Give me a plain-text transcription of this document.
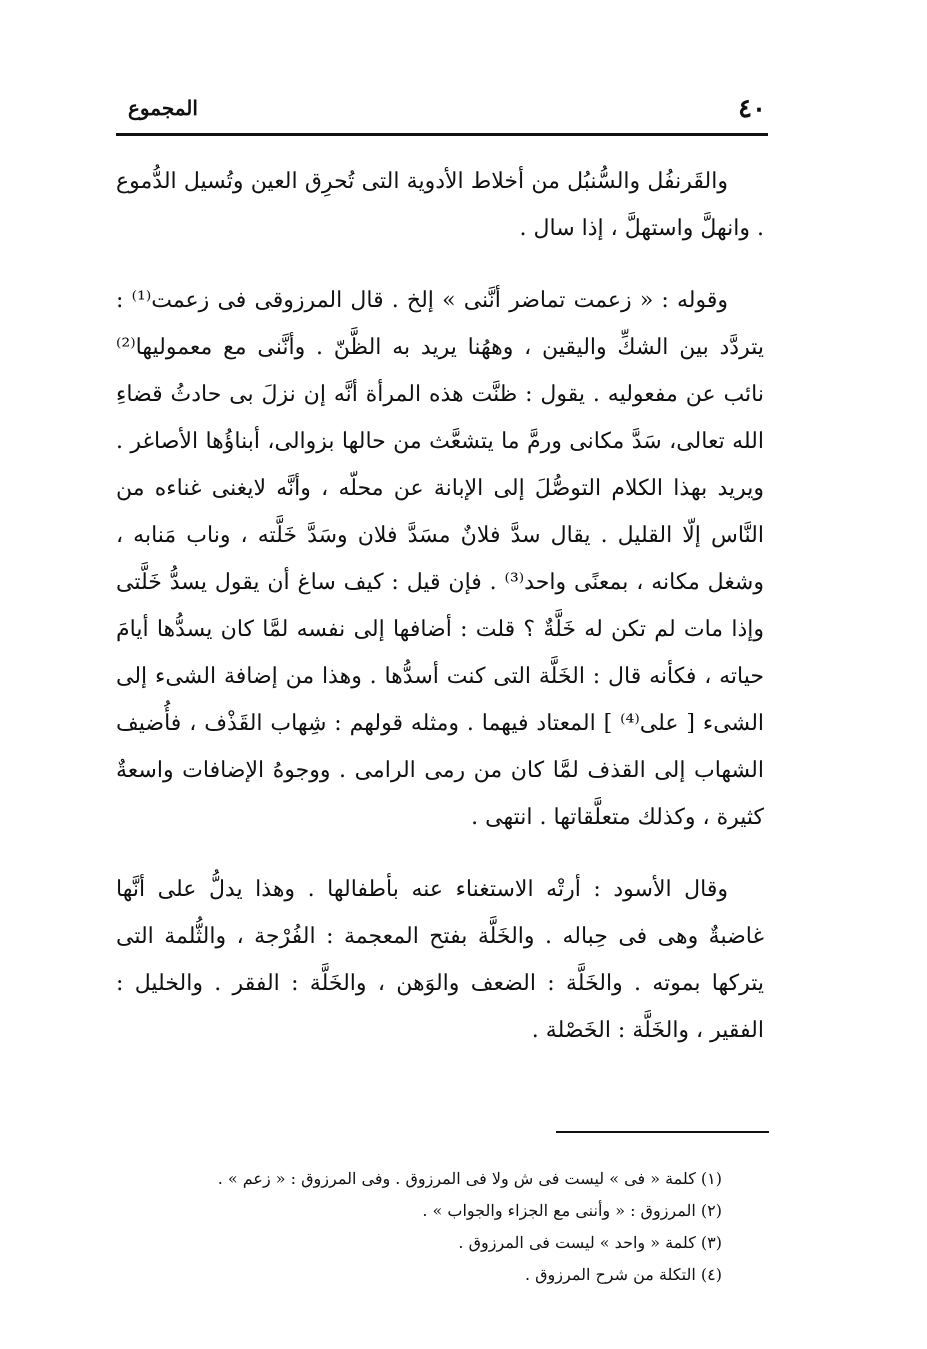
٤٠
المجموع

والقَرنفُل والسُّنبُل من أخلاط الأدوية التى تُحرِق العين وتُسيل الدُّموع . وانهلَّ واستهلَّ ، إذا سال .

وقوله : « زعمت تماضر أنَّنى » إلخ . قال المرزوقى فى زعمت⁽¹⁾ : يتردَّد بين الشكِّ واليقين ، وههُنا يريد به الظَّنّ . وأنَّنى مع معموليها⁽²⁾ نائب عن مفعوليه . يقول : ظنَّت هذه المرأة أنَّه إن نزلَ بى حادثُ قضاءِ الله تعالى، سَدَّ مكانى ورمَّ ما يتشعَّث من حالها بزوالى، أبناؤُها الأصاغر . ويريد بهذا الكلام التوصُّلَ إلى الإبانة عن محلّه ، وأنَّه لايغنى غناءه من النَّاس إلّا القليل . يقال سدَّ فلانٌ مسَدَّ فلان وسَدَّ خَلَّته ، وناب مَنابه ، وشغل مكانه ، بمعنًى واحد⁽³⁾ . فإن قيل : كيف ساغ أن يقول يسدُّ خَلَّتى وإذا مات لم تكن له خَلَّةٌ ؟ قلت : أضافها إلى نفسه لمَّا كان يسدُّها أيامَ حياته ، فكأنه قال : الخَلَّة التى كنت أسدُّها . وهذا من إضافة الشىء إلى الشىء [ على⁽⁴⁾ ] المعتاد فيهما . ومثله قولهم : شِهاب القَذْف ، فأُضيف الشهاب إلى القذف لمَّا كان من رمى الرامى . ووجوهُ الإضافات واسعةٌ كثيرة ، وكذلك متعلَّقاتها . انتهى .

وقال الأسود : أرتْه الاستغناء عنه بأطفالها . وهذا يدلُّ على أنَّها غاضبةٌ وهى فى حِباله . والخَلَّة بفتح المعجمة : الفُرْجة ، والثُّلمة التى يتركها بموته . والخَلَّة : الضعف والوَهن ، والخَلَّة : الفقر . والخليل : الفقير ، والخَلَّة : الخَصْلة .

(١) كلمة « فى » ليست فى ش ولا فى المرزوق . وفى المرزوق : « زعم » .

(٢) المرزوق : « وأننى مع الجزاء والجواب » .

(٣) كلمة « واحد » ليست فى المرزوق .

(٤) التكلة من شرح المرزوق .
